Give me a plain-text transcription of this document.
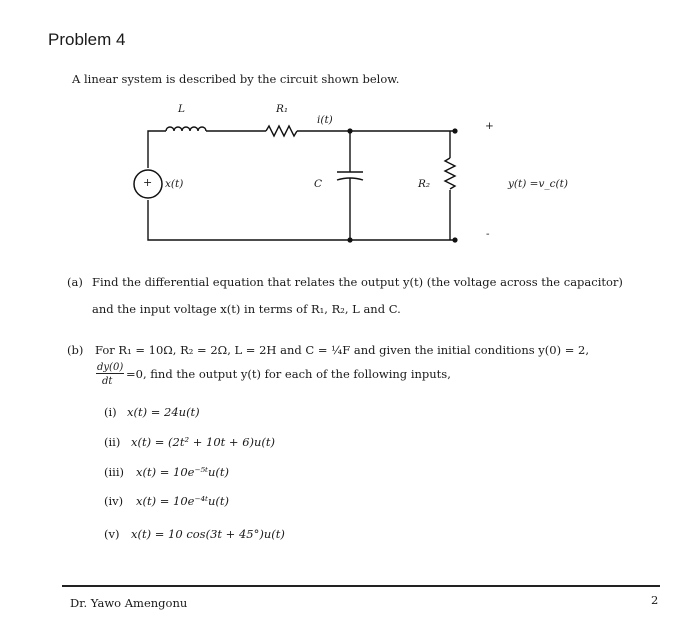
Problem 4
A linear system is described by the circuit shown below.
+ x(t)
L	R₁
i(t)
C	R₂
+
-
y(t) =v_c(t)
(a) Find the differential equation that relates the output y(t) (the voltage across the capacitor)
and the input voltage x(t) in terms of R₁, R₂, L and C.
(b) For R₁ = 10Ω, R₂ = 2Ω, L = 2H and C = ¼F and given the initial conditions y(0) = 2,
dy(0)
dt
=0, find the output y(t) for each of the following inputs,
(i) x(t) = 24u(t)
(ii) x(t) = (2t² + 10t + 6)u(t)
(iii) x(t) = 10e⁻⁵ᵗu(t)
(iv) x(t) = 10e⁻⁴ᵗu(t)
(v) x(t) = 10 cos(3t + 45°)u(t)
Dr. Yawo Amengonu	2
